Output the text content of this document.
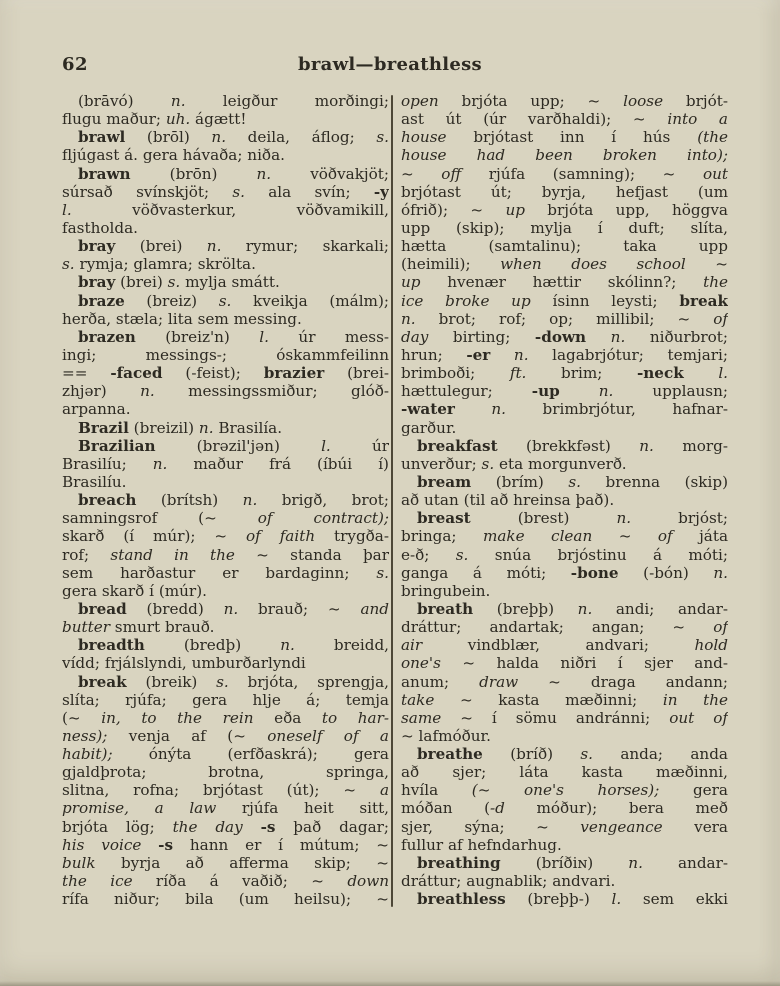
62	brawl—breathless
(brāvó) n. leigður morðingi;
flugu maður; uh. ágætt!
brawl (brōl) n. deila, áflog; s.
fljúgast á. gera hávaða; niða.
brawn (brōn) n. vöðvakjöt;
súrsað svínskjöt; s. ala svín; -y
l. vöðvasterkur, vöðvamikill,
fastholda.
bray (brei) n. rymur; skarkali;
s. rymja; glamra; skrölta.
bray (brei) s. mylja smátt.
braze (breiz) s. kveikja (málm);
herða, stæla; lita sem messing.
brazen (breiz'n) l. úr mess-
ingi; messings-; óskammfeilinn
== -faced (-feist); brazier (brei-
zhjər) n. messingssmiður; glóð-
arpanna.
Brazil (breizil) n. Brasilía.
Brazilian (brəzil'jən) l. úr
Brasilíu; n. maður frá (íbúi í)
Brasilíu.
breach (brítsh) n. brigð, brot;
samningsrof (~ of contract);
skarð (í múr); ~ of faith trygða-
rof; stand in the ~ standa þar
sem harðastur er bardaginn; s.
gera skarð í (múr).
bread (bredd) n. brauð; ~ and
butter smurt brauð.
breadth (bredþ) n. breidd,
vídd; frjálslyndi, umburðarlyndi
break (breik) s. brjóta, sprengja,
slíta; rjúfa; gera hlje á; temja
(~ in, to the rein eða to har-
ness); venja af (~ oneself of a
habit); ónýta (erfðaskrá); gera
gjaldþrota; brotna, springa,
slitna, rofna; brjótast (út); ~ a
promise, a law rjúfa heit sitt,
brjóta lög; the day -s það dagar;
his voice -s hann er í mútum; ~
bulk byrja að afferma skip; ~
the ice ríða á vaðið; ~ down
rífa niður; bila (um heilsu); ~
open brjóta upp; ~ loose brjót-
ast út (úr varðhaldi); ~ into a
house brjótast inn í hús (the
house had been broken into);
~ off rjúfa (samning); ~ out
brjótast út; byrja, hefjast (um
ófrið); ~ up brjóta upp, höggva
upp (skip); mylja í duft; slíta,
hætta (samtalinu); taka upp
(heimili); when does school ~
up hvenær hættir skólinn?; the
ice broke up ísinn leysti; break
n. brot; rof; op; millibil; ~ of
day birting; -down n. niðurbrot;
hrun; -er n. lagabrjótur; temjari;
brimboði; ft. brim; -neck l.
hættulegur; -up	n. upplausn;
-water n. brimbrjótur, hafnar-
garður.
breakfast (brekkfəst) n. morg-
unverður; s. eta morgunverð.
bream (brím) s. brenna (skip)
að utan (til að hreinsa það).
breast (brest) n. brjóst;
bringa; make clean ~ of játa
e-ð; s. snúa brjóstinu á móti;
ganga á móti; -bone (-bón) n.
bringubein.
breath (breþþ) n. andi; andar-
dráttur; andartak; angan; ~ of
air vindblær, andvari; hold
one's ~ halda niðri í sjer and-
anum; draw ~ draga andann;
take ~ kasta mæðinni; in the
same ~ í sömu andránni; out of
~ lafmóður.
breathe (bríð) s. anda; anda
að sjer; láta kasta mæðinni,
hvíla (~ one's horses); gera
móðan (-d móður); bera með
sjer, sýna; ~ vengeance vera
fullur af hefndarhug.
breathing (bríðiɴ) n. andar-
dráttur; augnablik; andvari.
breathless (breþþ-) l. sem ekki
